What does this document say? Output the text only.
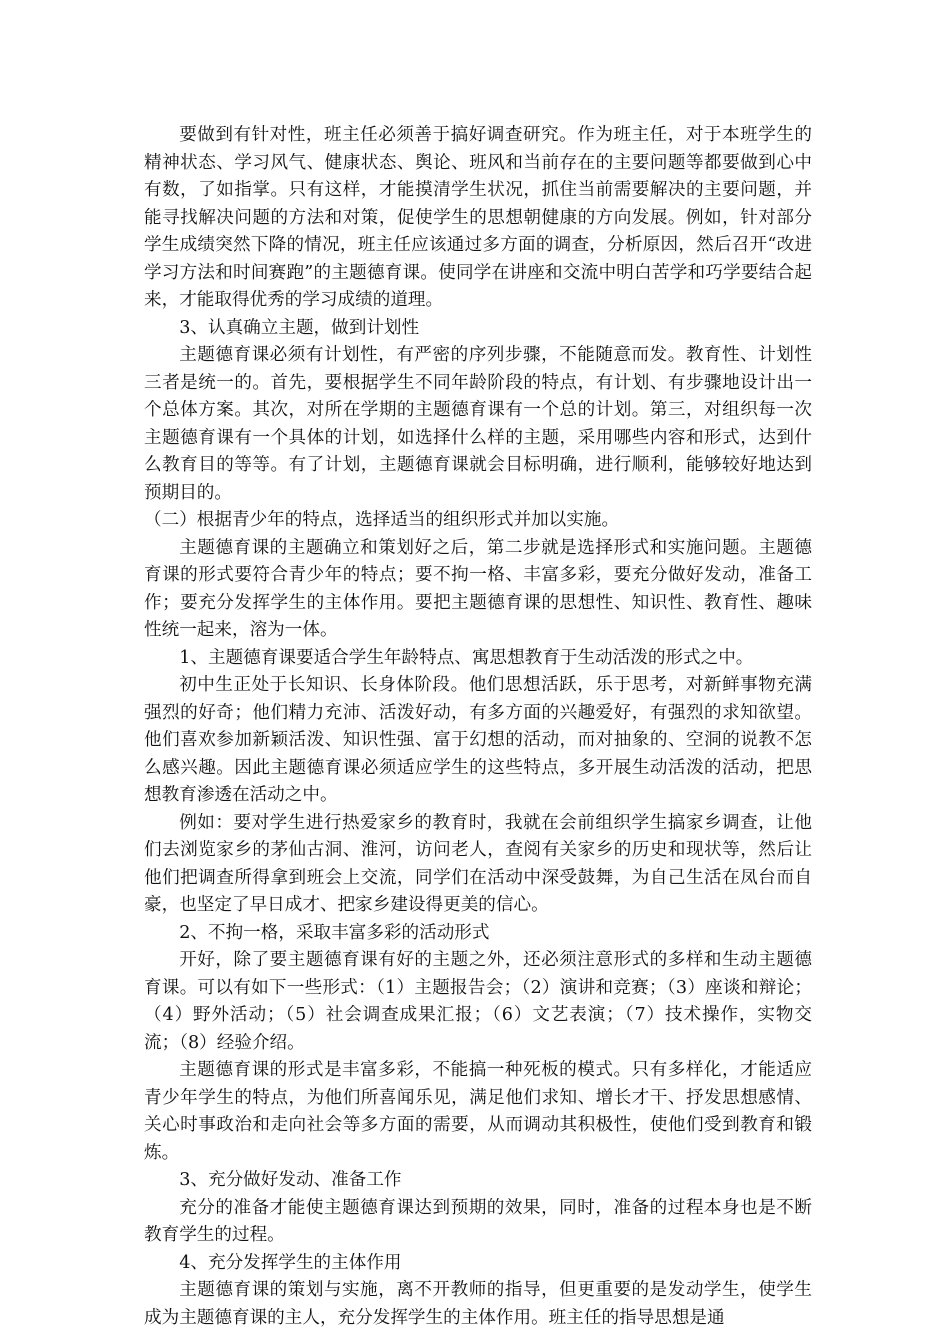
要做到有针对性，班主任必须善于搞好调查研究。作为班主任，对于本班学生的精神状态、学习风气、健康状态、舆论、班风和当前存在的主要问题等都要做到心中有数，了如指掌。只有这样，才能摸清学生状况，抓住当前需要解决的主要问题，并能寻找解决问题的方法和对策，促使学生的思想朝健康的方向发展。例如，针对部分学生成绩突然下降的情况，班主任应该通过多方面的调查，分析原因，然后召开“改进学习方法和时间赛跑”的主题德育课。使同学在讲座和交流中明白苦学和巧学要结合起来，才能取得优秀的学习成绩的道理。

3、认真确立主题，做到计划性

主题德育课必须有计划性，有严密的序列步骤，不能随意而发。教育性、计划性三者是统一的。首先，要根据学生不同年龄阶段的特点，有计划、有步骤地设计出一个总体方案。其次，对所在学期的主题德育课有一个总的计划。第三，对组织每一次主题德育课有一个具体的计划，如选择什么样的主题，采用哪些内容和形式，达到什么教育目的等等。有了计划，主题德育课就会目标明确，进行顺利，能够较好地达到预期目的。

（二）根据青少年的特点，选择适当的组织形式并加以实施。

主题德育课的主题确立和策划好之后，第二步就是选择形式和实施问题。主题德育课的形式要符合青少年的特点；要不拘一格、丰富多彩，要充分做好发动，准备工作；要充分发挥学生的主体作用。要把主题德育课的思想性、知识性、教育性、趣味性统一起来，溶为一体。

1、主题德育课要适合学生年龄特点、寓思想教育于生动活泼的形式之中。

初中生正处于长知识、长身体阶段。他们思想活跃，乐于思考，对新鲜事物充满强烈的好奇；他们精力充沛、活泼好动，有多方面的兴趣爱好，有强烈的求知欲望。他们喜欢参加新颖活泼、知识性强、富于幻想的活动，而对抽象的、空洞的说教不怎么感兴趣。因此主题德育课必须适应学生的这些特点，多开展生动活泼的活动，把思想教育渗透在活动之中。

例如：要对学生进行热爱家乡的教育时，我就在会前组织学生搞家乡调查，让他们去浏览家乡的茅仙古洞、淮河，访问老人，查阅有关家乡的历史和现状等，然后让他们把调查所得拿到班会上交流，同学们在活动中深受鼓舞，为自己生活在凤台而自豪，也坚定了早日成才、把家乡建设得更美的信心。

2、不拘一格，采取丰富多彩的活动形式

开好，除了要主题德育课有好的主题之外，还必须注意形式的多样和生动主题德育课。可以有如下一些形式：（1）主题报告会；（2）演讲和竞赛；（3）座谈和辩论；（4）野外活动；（5）社会调查成果汇报；（6）文艺表演；（7）技术操作，实物交流；（8）经验介绍。

主题德育课的形式是丰富多彩，不能搞一种死板的模式。只有多样化，才能适应青少年学生的特点，为他们所喜闻乐见，满足他们求知、增长才干、抒发思想感情、关心时事政治和走向社会等多方面的需要，从而调动其积极性，使他们受到教育和锻炼。

3、充分做好发动、准备工作

充分的准备才能使主题德育课达到预期的效果，同时，准备的过程本身也是不断教育学生的过程。

4、充分发挥学生的主体作用

主题德育课的策划与实施，离不开教师的指导，但更重要的是发动学生，使学生成为主题德育课的主人，充分发挥学生的主体作用。班主任的指导思想是通
